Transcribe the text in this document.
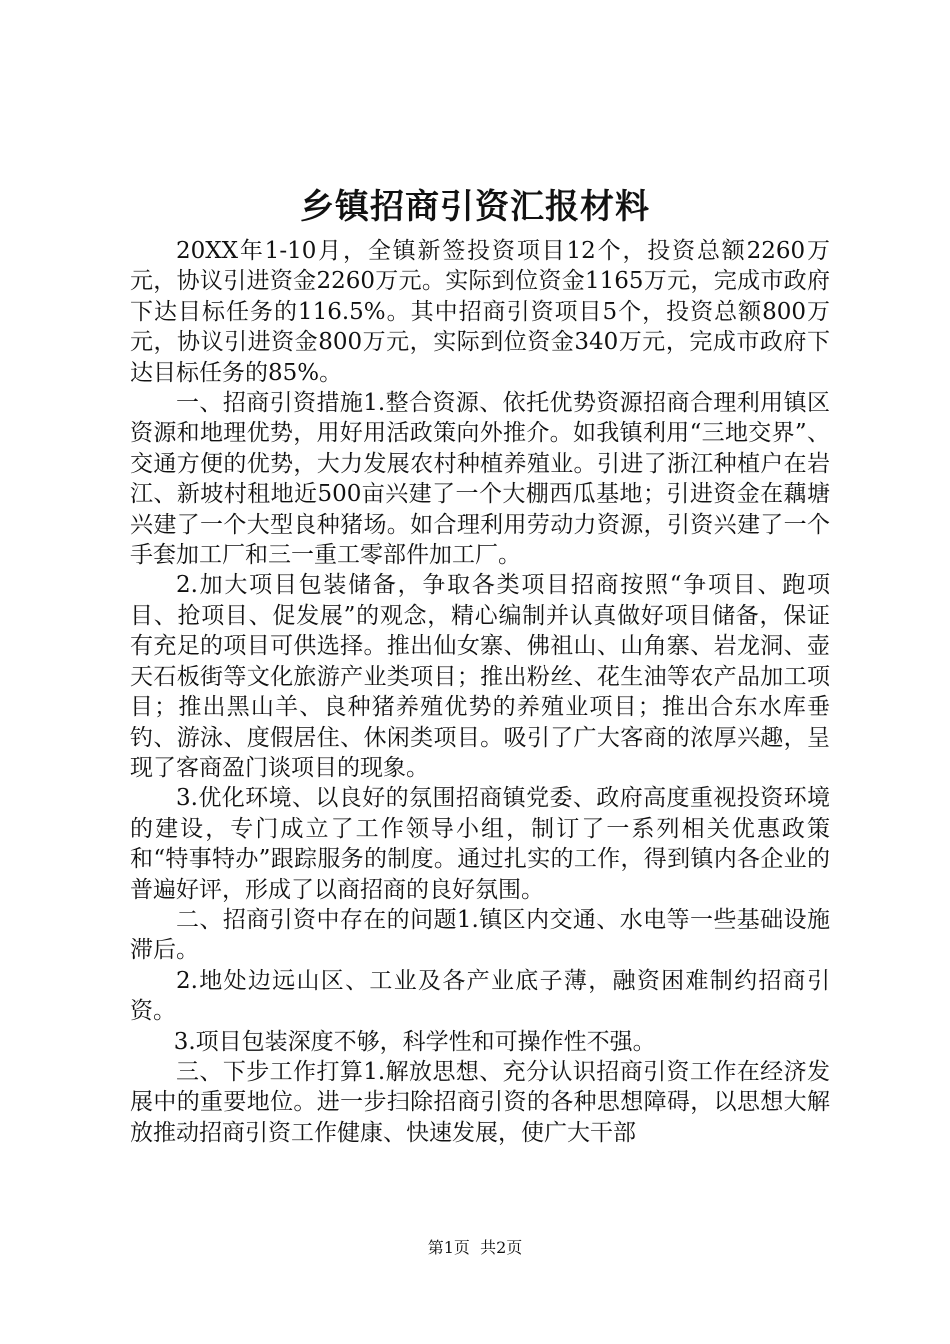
乡镇招商引资汇报材料

20XX年1-10月，全镇新签投资项目12个，投资总额2260万元，协议引进资金2260万元。实际到位资金1165万元，完成市政府下达目标任务的116.5%。其中招商引资项目5个，投资总额800万元，协议引进资金800万元，实际到位资金340万元，完成市政府下达目标任务的85%。

一、招商引资措施1.整合资源、依托优势资源招商合理利用镇区资源和地理优势，用好用活政策向外推介。如我镇利用“三地交界”、交通方便的优势，大力发展农村种植养殖业。引进了浙江种植户在岩江、新坡村租地近500亩兴建了一个大棚西瓜基地；引进资金在藕塘兴建了一个大型良种猪场。如合理利用劳动力资源，引资兴建了一个手套加工厂和三一重工零部件加工厂。

2.加大项目包装储备，争取各类项目招商按照“争项目、跑项目、抢项目、促发展”的观念，精心编制并认真做好项目储备，保证有充足的项目可供选择。推出仙女寨、佛祖山、山角寨、岩龙洞、壶天石板街等文化旅游产业类项目；推出粉丝、花生油等农产品加工项目；推出黑山羊、良种猪养殖优势的养殖业项目；推出合东水库垂钓、游泳、度假居住、休闲类项目。吸引了广大客商的浓厚兴趣，呈现了客商盈门谈项目的现象。

3.优化环境、以良好的氛围招商镇党委、政府高度重视投资环境的建设，专门成立了工作领导小组，制订了一系列相关优惠政策和“特事特办”跟踪服务的制度。通过扎实的工作，得到镇内各企业的普遍好评，形成了以商招商的良好氛围。

二、招商引资中存在的问题1.镇区内交通、水电等一些基础设施滞后。

2.地处边远山区、工业及各产业底子薄，融资困难制约招商引资。

3.项目包装深度不够，科学性和可操作性不强。

三、下步工作打算1.解放思想、充分认识招商引资工作在经济发展中的重要地位。进一步扫除招商引资的各种思想障碍，以思想大解放推动招商引资工作健康、快速发展，使广大干部

第1页 共2页
